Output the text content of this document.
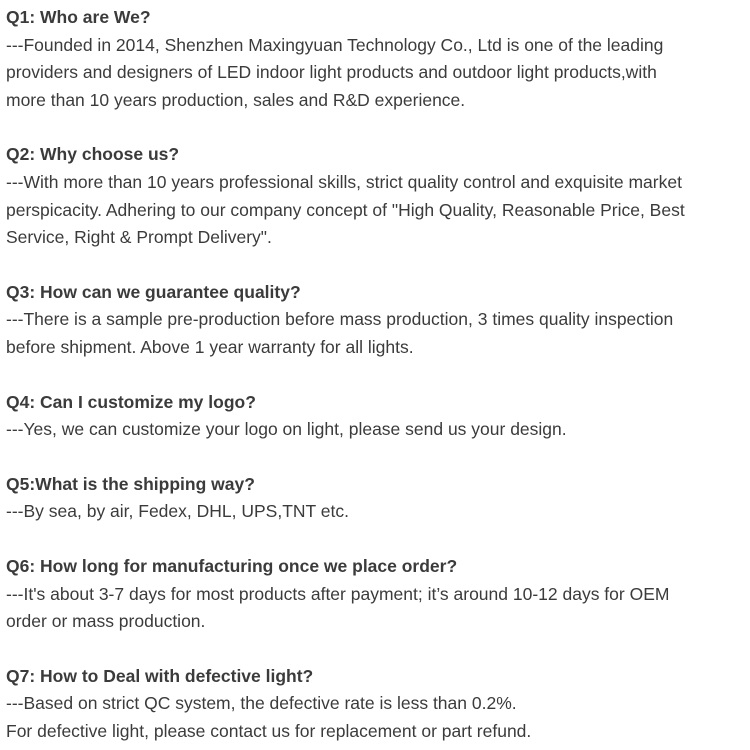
Q1: Who are We?

---Founded in 2014, Shenzhen Maxingyuan Technology Co., Ltd is one of the leading
providers and designers of LED indoor light products and outdoor light products,with
more than 10 years production, sales and R&D experience.

Q2: Why choose us?

---With more than 10 years professional skills, strict quality control and exquisite market
perspicacity. Adhering to our company concept of "High Quality, Reasonable Price, Best
Service, Right & Prompt Delivery".

Q3: How can we guarantee quality?

---There is a sample pre-production before mass production, 3 times quality inspection
before shipment. Above 1 year warranty for all lights.

Q4: Can I customize my logo?

---Yes, we can customize your logo on light, please send us your design.

Q5:What is the shipping way?

---By sea, by air, Fedex, DHL, UPS,TNT etc.

Q6: How long for manufacturing once we place order?

---It's about 3-7 days for most products after payment; it’s around 10-12 days for OEM
order or mass production.

Q7: How to Deal with defective light?

---Based on strict QC system, the defective rate is less than 0.2%.
For defective light, please contact us for replacement or part refund.
